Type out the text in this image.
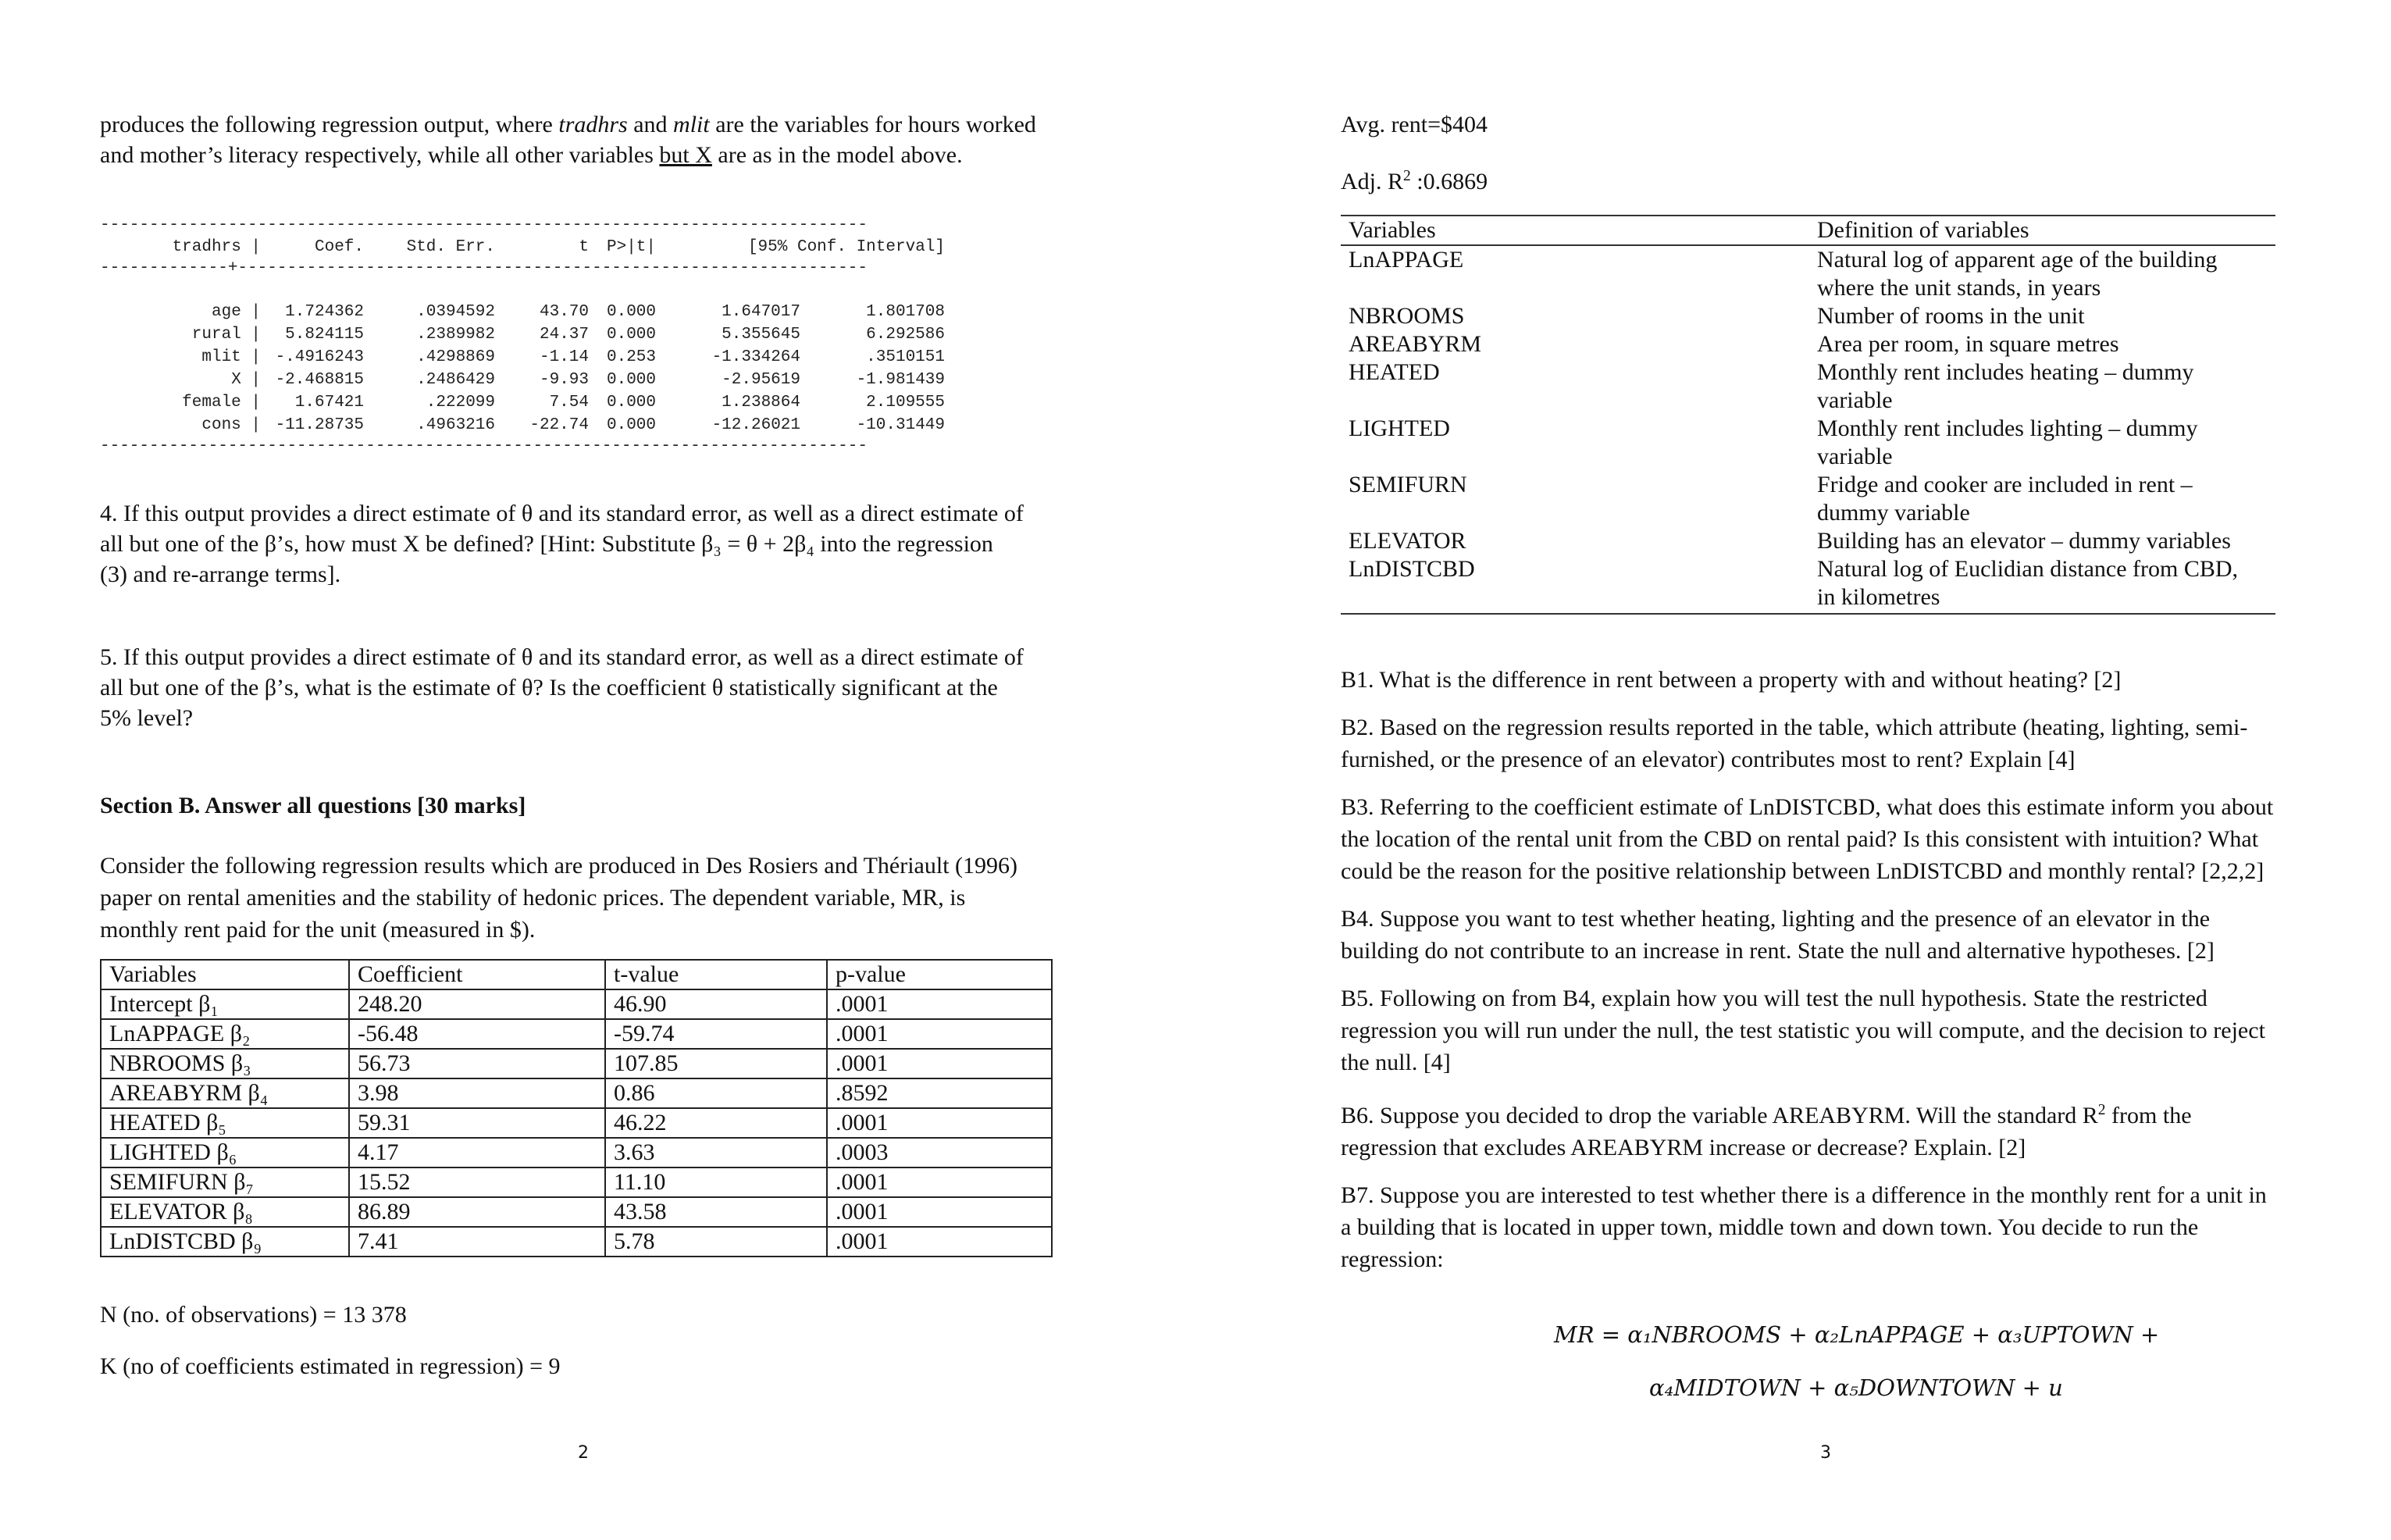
produces the following regression output, where tradhrs and mlit are the variables for hours worked
and mother’s literacy respectively, while all other variables but X are as in the model above.

------------------------------------------------------------------------------
tradhrs |	Coef.	Std. Err.	t	P>|t|	[95% Conf. Interval]
-------------+----------------------------------------------------------------
age |	1.724362	.0394592	43.70	0.000	1.647017	1.801708
rural |	5.824115	.2389982	24.37	0.000	5.355645	6.292586
mlit |	-.4916243	.4298869	-1.14	0.253	-1.334264	.3510151
X |	-2.468815	.2486429	-9.93	0.000	-2.95619	-1.981439
female |	1.67421	.222099	7.54	0.000	1.238864	2.109555
cons |	-11.28735	.4963216	-22.74	0.000	-12.26021	-10.31449
------------------------------------------------------------------------------

4. If this output provides a direct estimate of θ and its standard error, as well as a direct estimate of
all but one of the β’s, how must X be defined? [Hint: Substitute β₃ = θ + 2β₄ into the regression
(3) and re-arrange terms].

5. If this output provides a direct estimate of θ and its standard error, as well as a direct estimate of
all but one of the β’s, what is the estimate of θ? Is the coefficient θ statistically significant at the
5% level?

Section B. Answer all questions [30 marks]

Consider the following regression results which are produced in Des Rosiers and Thériault (1996)
paper on rental amenities and the stability of hedonic prices. The dependent variable, MR, is
monthly rent paid for the unit (measured in $).

Variables	Coefficient	t-value	p-value
Intercept β₁	248.20	46.90	.0001
LnAPPAGE β₂	-56.48	-59.74	.0001
NBROOMS β₃	56.73	107.85	.0001
AREABYRM β₄	3.98	0.86	.8592
HEATED β₅	59.31	46.22	.0001
LIGHTED β₆	4.17	3.63	.0003
SEMIFURN β₇	15.52	11.10	.0001
ELEVATOR β₈	86.89	43.58	.0001
LnDISTCBD β₉	7.41	5.78	.0001

N (no. of observations) = 13 378

K (no of coefficients estimated in regression) = 9

2

Avg. rent=$404

Adj. $R^2$ :0.6869

Variables	Definition of variables
LnAPPAGE	Natural log of apparent age of the building
where the unit stands, in years

NBROOMS	Number of rooms in the unit

AREABYRM	Area per room, in square metres

HEATED	Monthly rent includes heating – dummy
variable

LIGHTED	Monthly rent includes lighting – dummy
variable

SEMIFURN	Fridge and cooker are included in rent –
dummy variable

ELEVATOR	Building has an elevator – dummy variables

LnDISTCBD	Natural log of Euclidian distance from CBD,
in kilometres

B1. What is the difference in rent between a property with and without heating? [2]

B2. Based on the regression results reported in the table, which attribute (heating, lighting, semi-
furnished, or the presence of an elevator) contributes most to rent? Explain [4]

B3. Referring to the coefficient estimate of LnDISTCBD, what does this estimate inform you about
the location of the rental unit from the CBD on rental paid? Is this consistent with intuition? What
could be the reason for the positive relationship between LnDISTCBD and monthly rental? [2,2,2]

B4. Suppose you want to test whether heating, lighting and the presence of an elevator in the
building do not contribute to an increase in rent. State the null and alternative hypotheses. [2]

B5. Following on from B4, explain how you will test the null hypothesis. State the restricted
regression you will run under the null, the test statistic you will compute, and the decision to reject
the null. [4]

B6. Suppose you decided to drop the variable AREABYRM. Will the standard $R^2$ from the
regression that excludes AREABYRM increase or decrease? Explain. [2]

B7. Suppose you are interested to test whether there is a difference in the monthly rent for a unit in
a building that is located in upper town, middle town and down town. You decide to run the
regression:

MR = α₁NBROOMS + α₂LnAPPAGE + α₃UPTOWN +
α₄MIDTOWN + α₅DOWNTOWN + u
3
